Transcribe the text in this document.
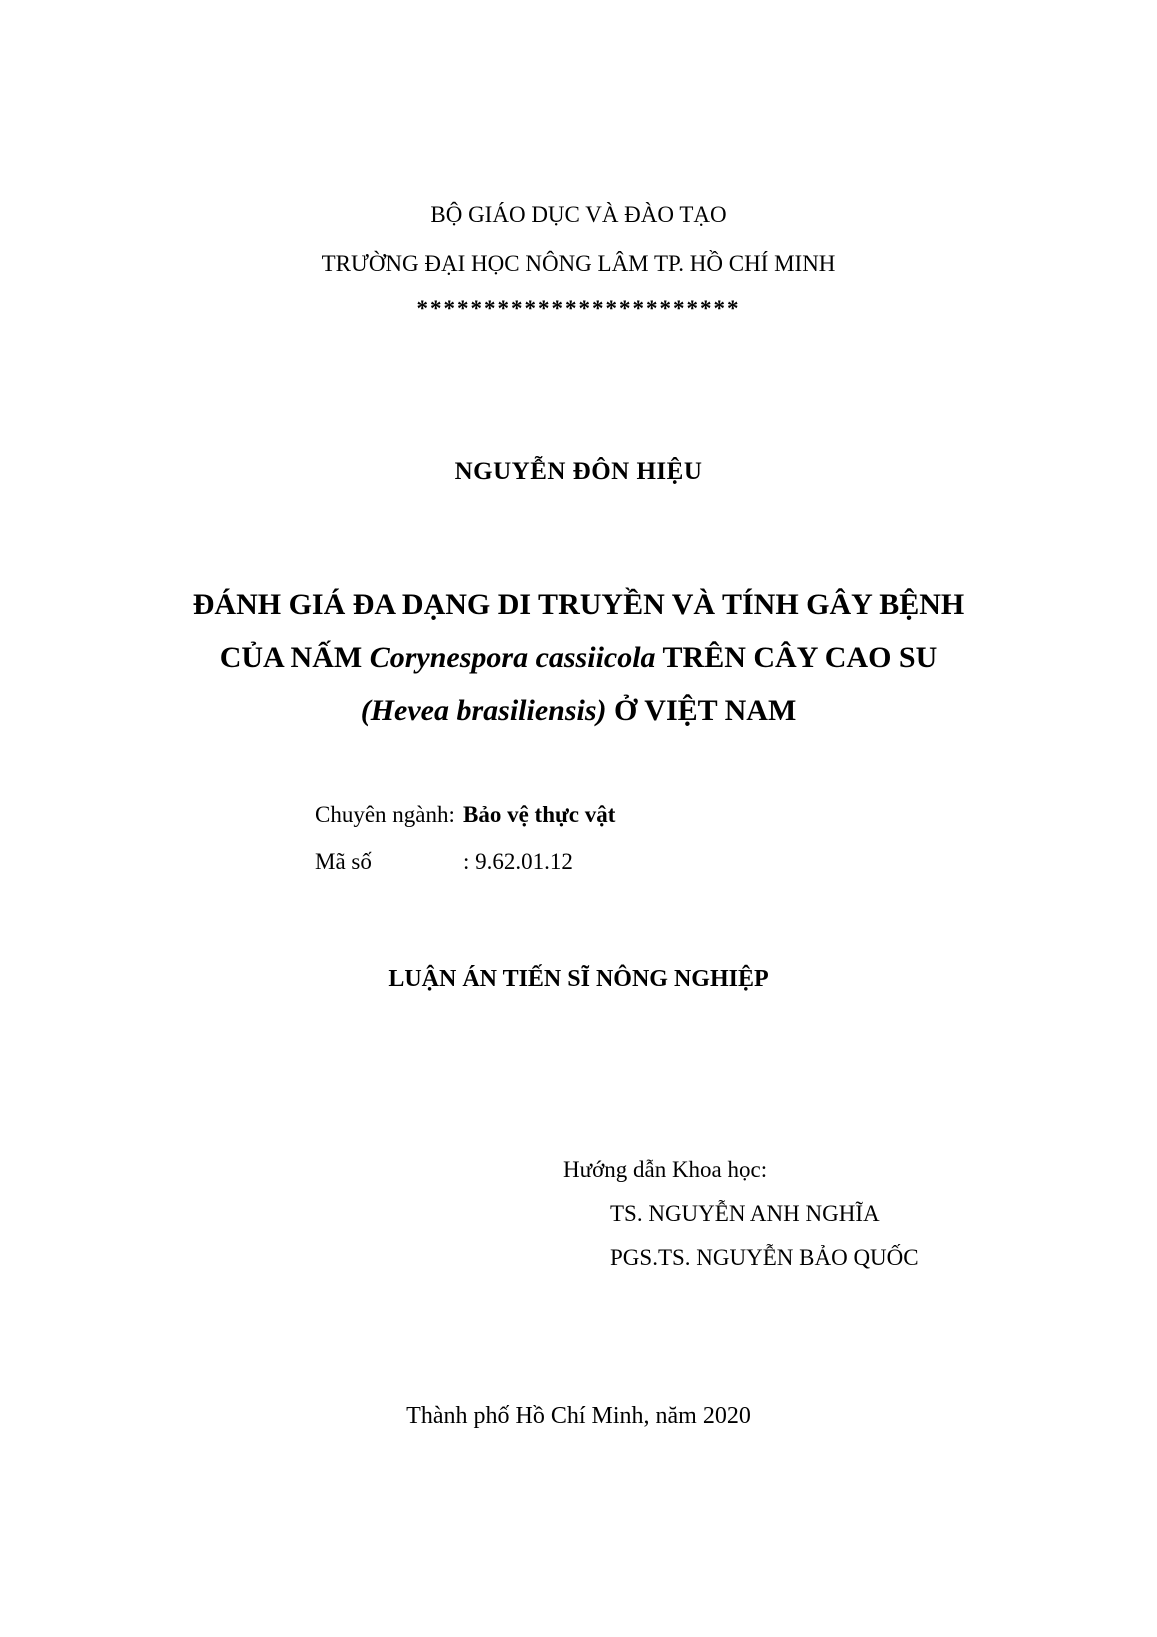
BỘ GIÁO DỤC VÀ ĐÀO TẠO
TRƯỜNG ĐẠI HỌC NÔNG LÂM TP. HỒ CHÍ MINH
************************
NGUYỄN ĐÔN HIỆU
ĐÁNH GIÁ ĐA DẠNG DI TRUYỀN VÀ TÍNH GÂY BỆNH
CỦA NẤM Corynespora cassiicola TRÊN CÂY CAO SU
(Hevea brasiliensis) Ở VIỆT NAM
Chuyên ngành: Bảo vệ thực vật
Mã số	: 9.62.01.12
LUẬN ÁN TIẾN SĨ NÔNG NGHIỆP
Hướng dẫn Khoa học:
TS. NGUYỄN ANH NGHĨA
PGS.TS. NGUYỄN BẢO QUỐC
Thành phố Hồ Chí Minh, năm 2020
